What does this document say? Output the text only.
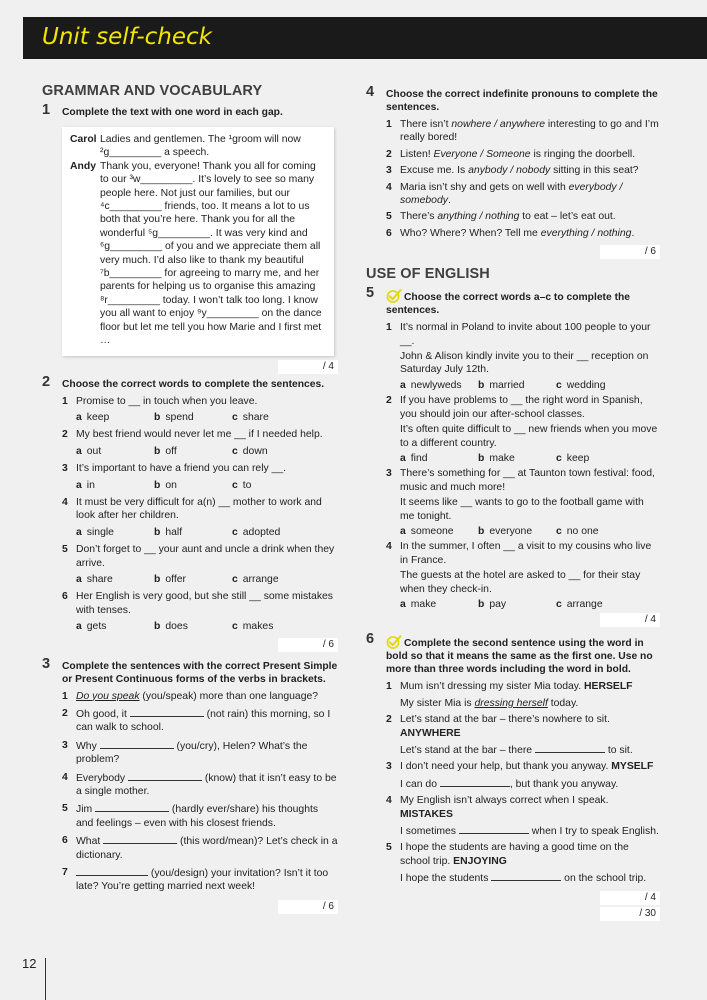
Unit self-check
GRAMMAR AND VOCABULARY
1 Complete the text with one word in each gap.
Carol Ladies and gentlemen. The ¹groom will now ²g_________ a speech.
Andy Thank you, everyone! Thank you all for coming to our ³w_________. It’s lovely to see so many people here. Not just our families, but our ⁴c_________ friends, too. It means a lot to us both that you’re here. Thank you for all the wonderful ⁵g_________. It was very kind and ⁶g_________ of you and we appreciate them all very much. I’d also like to thank my beautiful ⁷b_________ for agreeing to marry me, and her parents for helping us to organise this amazing ⁸r_________ today. I won’t talk too long. I know you all want to enjoy ⁹y_________ on the dance floor but let me tell you how Marie and I first met …
/ 4
2 Choose the correct words to complete the sentences.
1 Promise to __ in touch when you leave.
a keep	b spend	c share
2 My best friend would never let me __ if I needed help.
a out	b off	c down
3 It’s important to have a friend you can rely __.
a in	b on	c to
4 It must be very difficult for a(n) __ mother to work and look after her children.
a single	b half	c adopted
5 Don’t forget to __ your aunt and uncle a drink when they arrive.
a share	b offer	c arrange
6 Her English is very good, but she still __ some mistakes with tenses.
a gets	b does	c makes
/ 6
3 Complete the sentences with the correct Present Simple or Present Continuous forms of the verbs in brackets.
1 Do you speak (you/speak) more than one language?
2 Oh good, it	(not rain) this morning, so I can walk to school.
3 Why	(you/cry), Helen? What’s the problem?
4 Everybody	(know) that it isn’t easy to be a single mother.
5 Jim	(hardly ever/share) his thoughts and feelings – even with his closest friends.
6 What	(this word/mean)? Let’s check in a dictionary.
7	(you/design) your invitation? Isn’t it too late? You’re getting married next week!
/ 6
4 Choose the correct indefinite pronouns to complete the sentences.
1 There isn’t nowhere / anywhere interesting to go and I’m really bored!
2 Listen! Everyone / Someone is ringing the doorbell.
3 Excuse me. Is anybody / nobody sitting in this seat?
4 Maria isn’t shy and gets on well with everybody / somebody.
5 There’s anything / nothing to eat – let’s eat out.
6 Who? Where? When? Tell me everything / nothing.
/ 6
USE OF ENGLISH
5	Choose the correct words a–c to complete the sentences.
1 It’s normal in Poland to invite about 100 people to your __.
John & Alison kindly invite you to their __ reception on Saturday July 12th.
a newlyweds	b married	c wedding
2 If you have problems to __ the right word in Spanish, you should join our after-school classes.
It’s often quite difficult to __ new friends when you move to a different country.
a find	b make	c keep
3 There’s something for __ at Taunton town festival: food, music and much more!
It seems like __ wants to go to the football game with me tonight.
a someone	b everyone	c no one
4 In the summer, I often __ a visit to my cousins who live in France.
The guests at the hotel are asked to __ for their stay when they check-in.
a make	b pay	c arrange
/ 4
6	Complete the second sentence using the word in bold so that it means the same as the first one. Use no more than three words including the word in bold.
1 Mum isn’t dressing my sister Mia today. HERSELF
My sister Mia is dressing herself today.
2 Let’s stand at the bar – there’s nowhere to sit. ANYWHERE
Let’s stand at the bar – there	to sit.
3 I don’t need your help, but thank you anyway. MYSELF
I can do	, but thank you anyway.
4 My English isn’t always correct when I speak. MISTAKES
I sometimes	when I try to speak English.
5 I hope the students are having a good time on the school trip. ENJOYING
I hope the students	on the school trip.
/ 4
/ 30
12
